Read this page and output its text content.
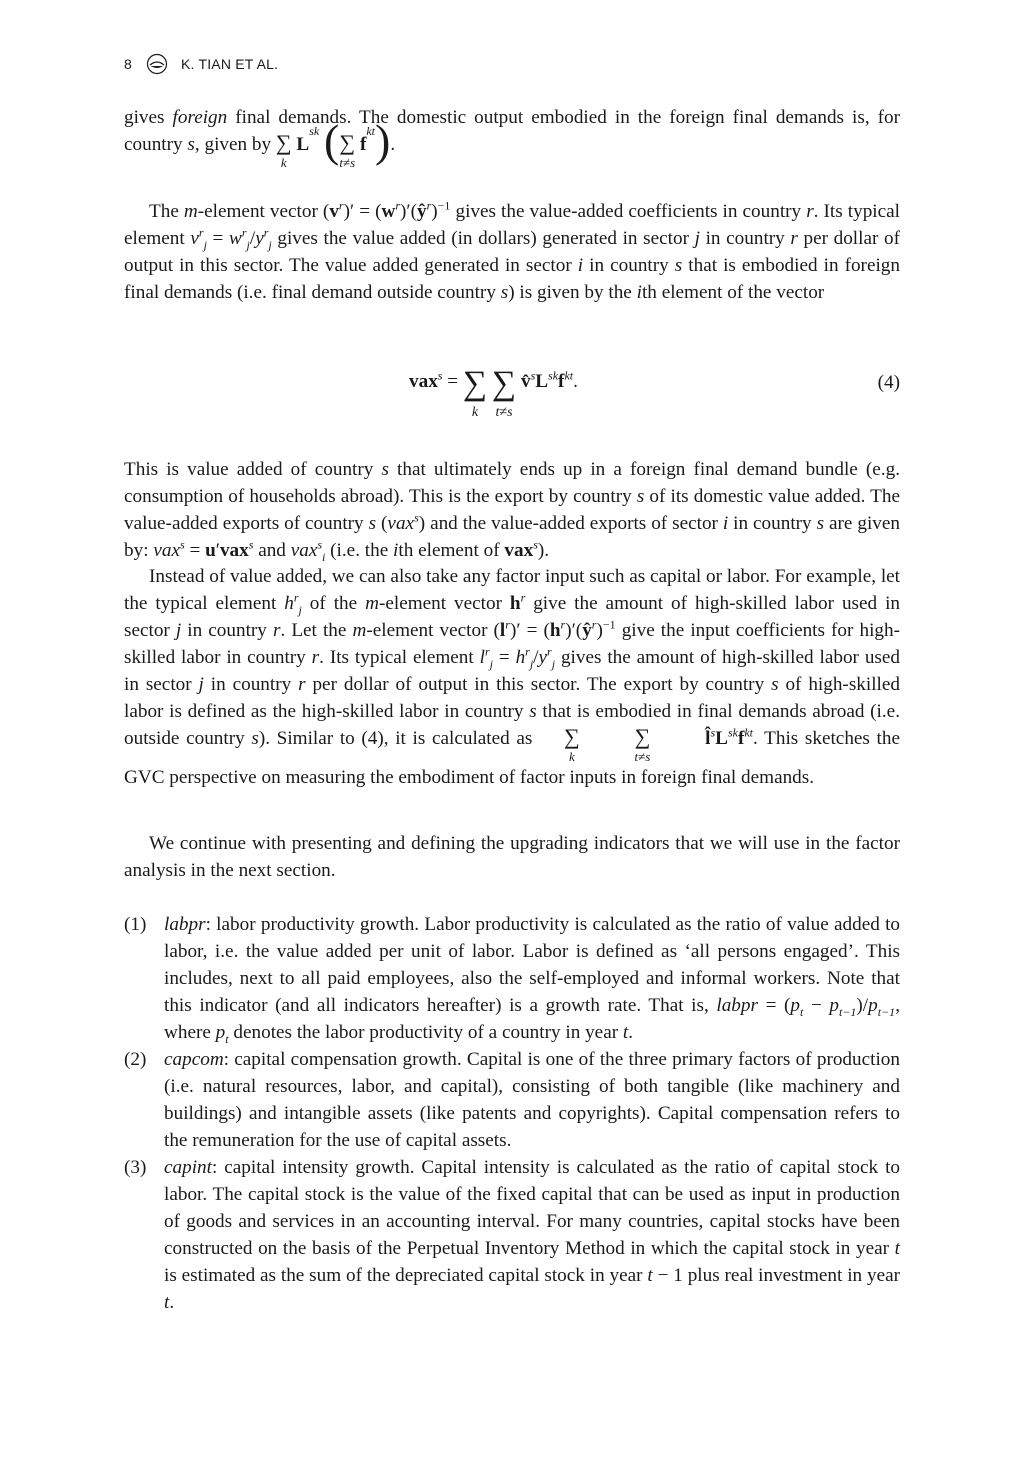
8	K. TIAN ET AL.

gives foreign final demands. The domestic output embodied in the foreign final demands is, for country s, given by ∑
k

L
sk
( ∑
t≠s

f
kt ) .

The m-element vector $(v^r)'$ = $(w^r)'(ŷ^r)^{-1}$ gives the value-added coefficients in country r. Its typical element $v^r_j = w^r_j/y^r_j$ gives the value added (in dollars) generated in sector j in country r per dollar of output in this sector. The value added generated in sector i in country s that is embodied in foreign final demands (i.e. final demand outside country s) is given by the ith element of the vector

vax$^s$ = ∑
k

∑
t≠s

$v̂^sL^{sk}f^{kt}$.	(4)

This is value added of country s that ultimately ends up in a foreign final demand bundle (e.g. consumption of households abroad). This is the export by country s of its domestic value added. The value-added exports of country s (vax$^s$) and the value-added exports of sector i in country s are given by: vax$^s$ = u′vax$^s$ and vax$^s_i$ (i.e. the ith element of vax$^s$).

Instead of value added, we can also take any factor input such as capital or labor. For example, let the typical element $h^r_j$ of the m-element vector $h^r$ give the amount of high-skilled labor used in sector j in country r. Let the m-element vector $(l^r)'$ = $(h^r)'(ŷ^r)^{-1}$ give the input coefficients for high-skilled labor in country r. Its typical element $l^r_j = h^r_j/y^r_j$ gives the amount of high-skilled labor used in sector j in country r per dollar of output in this sector. The export by country s of high-skilled labor is defined as the high-skilled labor in country s that is embodied in final demands abroad (i.e. outside country s). Similar to (4), it is calculated as	∑
k

∑
t≠s

$l̂^sL^{sk}f^{kt}$ . This sketches the GVC perspective on measuring the embodiment of factor inputs in foreign final demands.

We continue with presenting and defining the upgrading indicators that we will use in the factor analysis in the next section.

(1) labpr: labor productivity growth. Labor productivity is calculated as the ratio of value added to labor, i.e. the value added per unit of labor. Labor is defined as ‘all persons engaged’. This includes, next to all paid employees, also the self-employed and informal workers. Note that this indicator (and all indicators hereafter) is a growth rate. That is, labpr = $(p_t - p_{t-1})/p_{t-1}$, where $p_t$ denotes the labor productivity of a country in year t.
(2) capcom: capital compensation growth. Capital is one of the three primary factors of production (i.e. natural resources, labor, and capital), consisting of both tangible (like machinery and buildings) and intangible assets (like patents and copyrights). Capital compensation refers to the remuneration for the use of capital assets.
(3) capint: capital intensity growth. Capital intensity is calculated as the ratio of capital stock to labor. The capital stock is the value of the fixed capital that can be used as input in production of goods and services in an accounting interval. For many countries, capital stocks have been constructed on the basis of the Perpetual Inventory Method in which the capital stock in year t is estimated as the sum of the depreciated capital stock in year t − 1 plus real investment in year t.
